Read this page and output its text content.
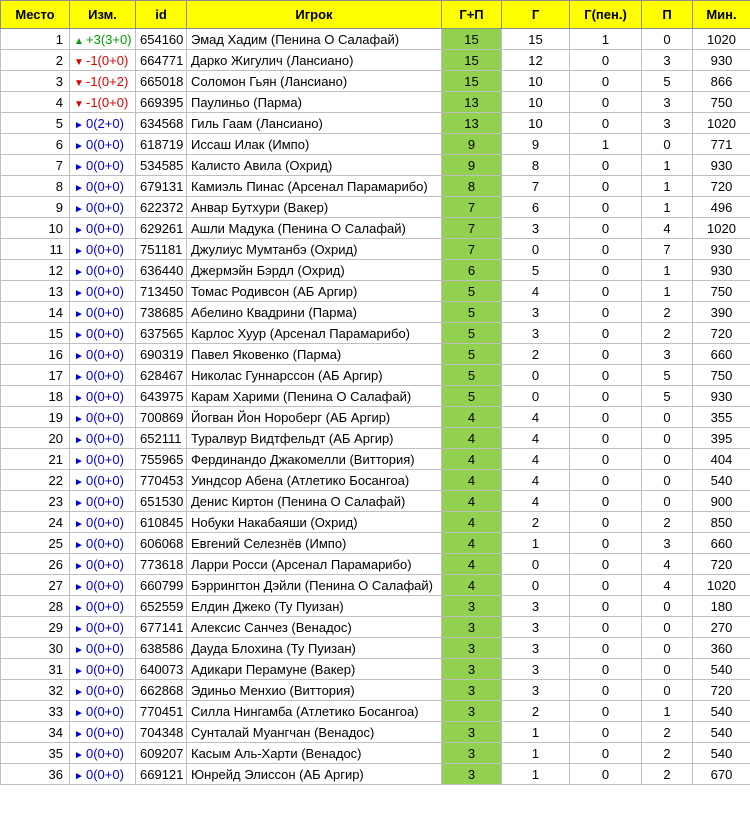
Место	Изм.	id	Игрок	Г+П	Г	Г(пен.)	П	Мин.
1	▲ +3(3+0)	654160	Эмад Хадим (Пенина О Салафай)	15	15	1	0	1020
2	▼ -1(0+0)	664771	Дарко Жигулич (Лансиано)	15	12	0	3	930
3	▼ -1(0+2)	665018	Соломон Гьян (Лансиано)	15	10	0	5	866
4	▼ -1(0+0)	669395	Паулиньо (Парма)	13	10	0	3	750
5	► 0(2+0)	634568	Гиль Гаам (Лансиано)	13	10	0	3	1020
6	► 0(0+0)	618719	Иссаш Илак (Импо)	9	9	1	0	771
7	► 0(0+0)	534585	Калисто Авила (Охрид)	9	8	0	1	930
8	► 0(0+0)	679131	Камиэль Пинас (Арсенал Парамарибо)	8	7	0	1	720
9	► 0(0+0)	622372	Анвар Бутхури (Вакер)	7	6	0	1	496
10	► 0(0+0)	629261	Ашли Мадука (Пенина О Салафай)	7	3	0	4	1020
11	► 0(0+0)	751181	Джулиус Мумтанбэ (Охрид)	7	0	0	7	930
12	► 0(0+0)	636440	Джермэйн Бэрдл (Охрид)	6	5	0	1	930
13	► 0(0+0)	713450	Томас Родивсон (АБ Аргир)	5	4	0	1	750
14	► 0(0+0)	738685	Абелино Квадрини (Парма)	5	3	0	2	390
15	► 0(0+0)	637565	Карлос Хуур (Арсенал Парамарибо)	5	3	0	2	720
16	► 0(0+0)	690319	Павел Яковенко (Парма)	5	2	0	3	660
17	► 0(0+0)	628467	Николас Гуннарссон (АБ Аргир)	5	0	0	5	750
18	► 0(0+0)	643975	Карам Харими (Пенина О Салафай)	5	0	0	5	930
19	► 0(0+0)	700869	Йогван Йон Нороберг (АБ Аргир)	4	4	0	0	355
20	► 0(0+0)	652111	Туралвур Видтфельдт (АБ Аргир)	4	4	0	0	395
21	► 0(0+0)	755965	Фердинандо Джакомелли (Виттория)	4	4	0	0	404
22	► 0(0+0)	770453	Уиндсор Абена (Атлетико Босангоа)	4	4	0	0	540
23	► 0(0+0)	651530	Денис Киртон (Пенина О Салафай)	4	4	0	0	900
24	► 0(0+0)	610845	Нобуки Накабаяши (Охрид)	4	2	0	2	850
25	► 0(0+0)	606068	Евгений Селезнёв (Импо)	4	1	0	3	660
26	► 0(0+0)	773618	Ларри Росси (Арсенал Парамарибо)	4	0	0	4	720
27	► 0(0+0)	660799	Бэррингтон Дэйли (Пенина О Салафай)	4	0	0	4	1020
28	► 0(0+0)	652559	Елдин Джеко (Ту Пуизан)	3	3	0	0	180
29	► 0(0+0)	677141	Алексис Санчез (Венадос)	3	3	0	0	270
30	► 0(0+0)	638586	Дауда Блохина (Ту Пуизан)	3	3	0	0	360
31	► 0(0+0)	640073	Адикари Перамуне (Вакер)	3	3	0	0	540
32	► 0(0+0)	662868	Эдиньо Менхио (Виттория)	3	3	0	0	720
33	► 0(0+0)	770451	Силла Нингамба (Атлетико Босангоа)	3	2	0	1	540
34	► 0(0+0)	704348	Сунталай Муангчан (Венадос)	3	1	0	2	540
35	► 0(0+0)	609207	Касым Аль-Харти (Венадос)	3	1	0	2	540
36	► 0(0+0)	669121	Юнрейд Элиссон (АБ Аргир)	3	1	0	2	670
